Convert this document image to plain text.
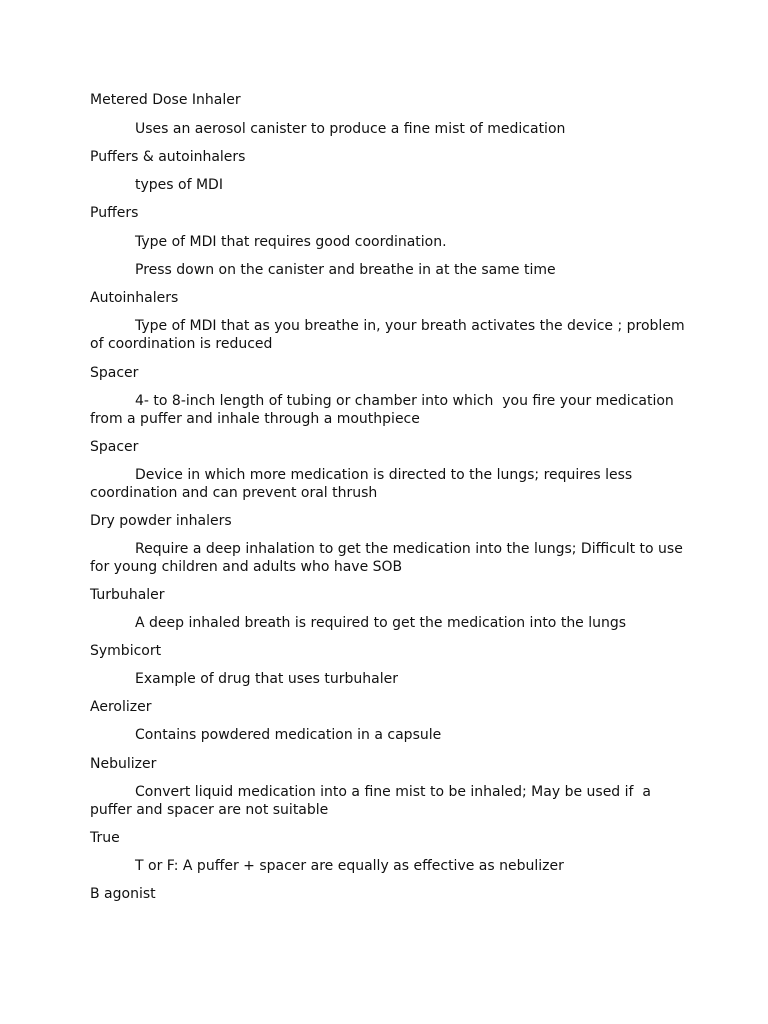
Metered Dose Inhaler
Uses an aerosol canister to produce a fine mist of medication
Puffers & autoinhalers
types of MDI
Puffers
Type of MDI that requires good coordination.
Press down on the canister and breathe in at the same time
Autoinhalers
Type of MDI that as you breathe in, your breath activates the device ; problem of coordination is reduced
Spacer
4- to 8-inch length of tubing or chamber into which  you fire your medication from a puffer and inhale through a mouthpiece
Spacer
Device in which more medication is directed to the lungs; requires less coordination and can prevent oral thrush
Dry powder inhalers
Require a deep inhalation to get the medication into the lungs; Difficult to use for young children and adults who have SOB
Turbuhaler
A deep inhaled breath is required to get the medication into the lungs
Symbicort
Example of drug that uses turbuhaler
Aerolizer
Contains powdered medication in a capsule
Nebulizer
Convert liquid medication into a fine mist to be inhaled; May be used if  a puffer and spacer are not suitable
True
T or F: A puffer + spacer are equally as effective as nebulizer
B agonist
